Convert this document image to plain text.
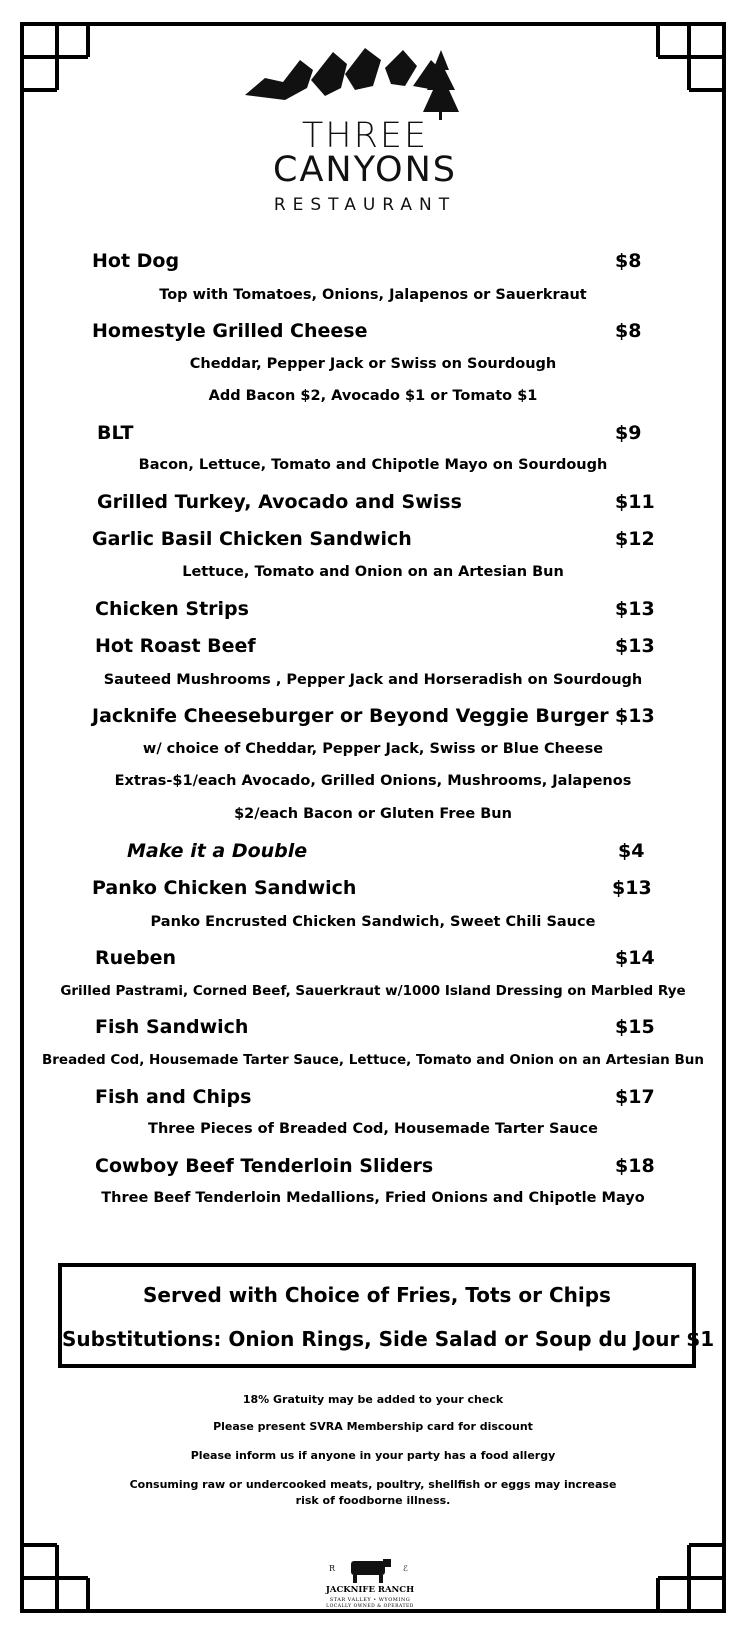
THREE
CANYONS
RESTAURANT
Hot Dog	$8
Top with Tomatoes, Onions, Jalapenos or Sauerkraut
Homestyle Grilled Cheese	$8
Cheddar, Pepper Jack or Swiss on Sourdough
Add Bacon $2, Avocado $1 or Tomato $1
BLT	$9
Bacon, Lettuce, Tomato and Chipotle Mayo on Sourdough
Grilled Turkey, Avocado and Swiss	$11
Garlic Basil Chicken Sandwich	$12
Lettuce, Tomato and Onion on an Artesian Bun
Chicken Strips	$13
Hot Roast Beef	$13
Sauteed Mushrooms , Pepper Jack and Horseradish on Sourdough
Jacknife Cheeseburger or Beyond Veggie Burger $13
w/ choice of Cheddar, Pepper Jack, Swiss or Blue Cheese
Extras-$1/each Avocado, Grilled Onions, Mushrooms, Jalapenos
$2/each Bacon or Gluten Free Bun
Make it a Double	$4
Panko Chicken Sandwich	$13
Panko Encrusted Chicken Sandwich, Sweet Chili Sauce
Rueben	$14
Grilled Pastrami, Corned Beef, Sauerkraut w/1000 Island Dressing on Marbled Rye
Fish Sandwich	$15
Breaded Cod, Housemade Tarter Sauce, Lettuce, Tomato and Onion on an Artesian Bun
Fish and Chips	$17
Three Pieces of Breaded Cod, Housemade Tarter Sauce
Cowboy Beef Tenderloin Sliders	$18
Three Beef Tenderloin Medallions, Fried Onions and Chipotle Mayo
Served with Choice of Fries, Tots or Chips
Substitutions: Onion Rings, Side Salad or Soup du Jour $1
18% Gratuity may be added to your check
Please present SVRA Membership card for discount
Please inform us if anyone in your party has a food allergy
Consuming raw or undercooked meats, poultry, shellfish or eggs may increase risk of foodborne illness.
R	ℰ
JACKNIFE RANCH
STAR VALLEY • WYOMING
LOCALLY OWNED & OPERATED
